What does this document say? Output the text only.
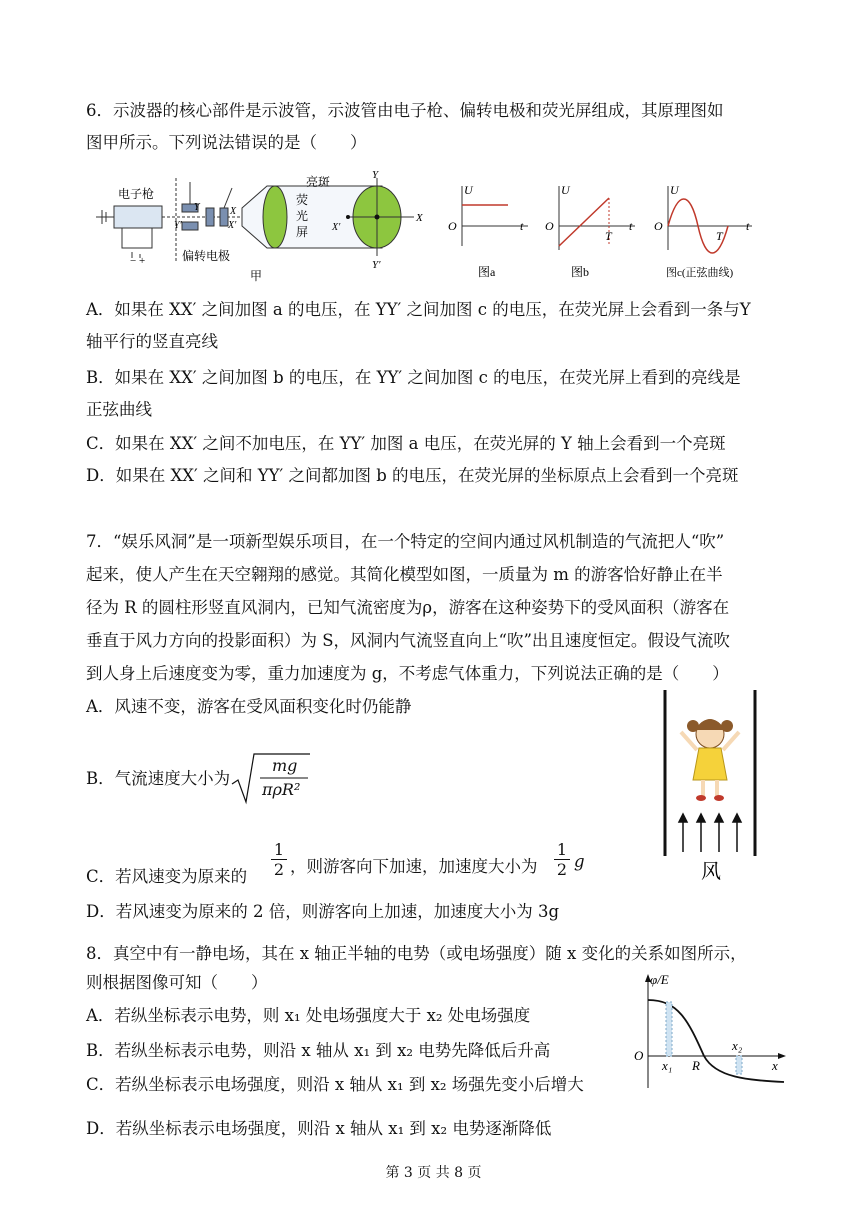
6．示波器的核心部件是示波管，示波管由电子枪、偏转电极和荧光屏组成，其原理图如
图甲所示。下列说法错误的是（　　）
电子枪
− +
Y
Y′
X
X′
偏转电极
荧
光
屏
亮斑	Y
Y′
X
X′
甲
U
O	t
图a
U
O
T
t
图b
U
O
T
t
图c(正弦曲线)
A．如果在 XX′ 之间加图 a 的电压，在 YY′ 之间加图 c 的电压，在荧光屏上会看到一条与Y
轴平行的竖直亮线
B．如果在 XX′ 之间加图 b 的电压，在 YY′ 之间加图 c 的电压，在荧光屏上看到的亮线是
正弦曲线
C．如果在 XX′ 之间不加电压，在 YY′ 加图 a 电压，在荧光屏的 Y 轴上会看到一个亮斑
D．如果在 XX′ 之间和 YY′ 之间都加图 b 的电压，在荧光屏的坐标原点上会看到一个亮斑
7．“娱乐风洞”是一项新型娱乐项目，在一个特定的空间内通过风机制造的气流把人“吹”
起来，使人产生在天空翱翔的感觉。其简化模型如图，一质量为 m 的游客恰好静止在半
径为 R 的圆柱形竖直风洞内，已知气流密度为ρ，游客在这种姿势下的受风面积（游客在
垂直于风力方向的投影面积）为 S，风洞内气流竖直向上“吹”出且速度恒定。假设气流吹
到人身上后速度变为零，重力加速度为 g，不考虑气体重力，下列说法正确的是（　　）
A．风速不变，游客在受风面积变化时仍能静
B．气流速度大小为
mg
πρR²
C．若风速变为原来的 $\frac{1}{2}$ ，则游客向下加速，加速度大小为 $\frac{1}{2}$ g
D．若风速变为原来的 2 倍，则游客向上加速，加速度大小为 3g
风
8．真空中有一静电场，其在 x 轴正半轴的电势（或电场强度）随 x 变化的关系如图所示，
则根据图像可知（　　）
A．若纵坐标表示电势，则 x₁ 处电场强度大于 x₂ 处电场强度
B．若纵坐标表示电势，则沿 x 轴从 x₁ 到 x₂ 电势先降低后升高
C．若纵坐标表示电场强度，则沿 x 轴从 x₁ 到 x₂ 场强先变小后增大
D．若纵坐标表示电场强度，则沿 x 轴从 x₁ 到 x₂ 电势逐渐降低
φ/E
O
x₁ R
x₂
x
第 3 页 共 8 页
